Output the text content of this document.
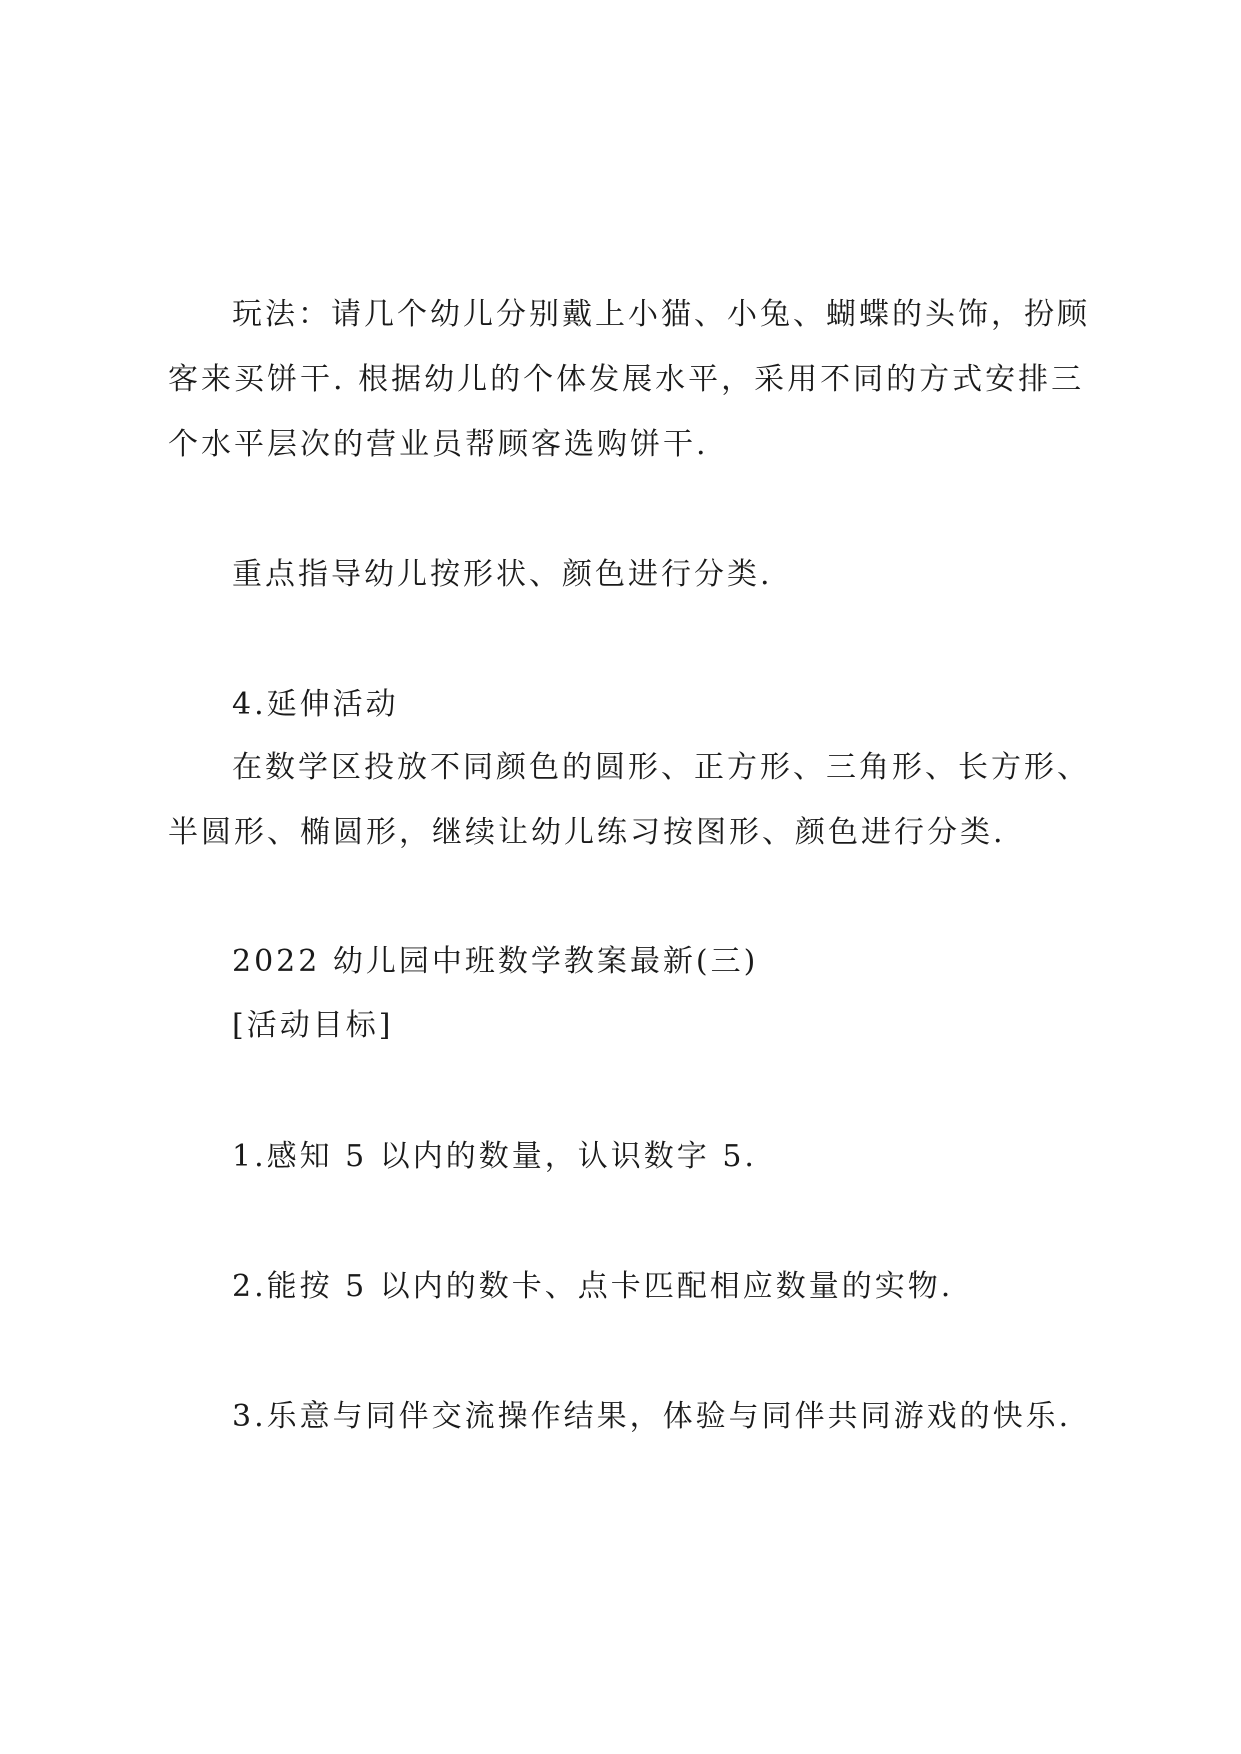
玩法：请几个幼儿分别戴上小猫、小兔、蝴蝶的头饰，扮顾
客来买饼干. 根据幼儿的个体发展水平，采用不同的方式安排三
个水平层次的营业员帮顾客选购饼干.
重点指导幼儿按形状、颜色进行分类.
4.延伸活动
在数学区投放不同颜色的圆形、正方形、三角形、长方形、
半圆形、椭圆形，继续让幼儿练习按图形、颜色进行分类.
2022 幼儿园中班数学教案最新(三)
[活动目标]
1.感知 5 以内的数量，认识数字 5.
2.能按 5 以内的数卡、点卡匹配相应数量的实物.
3.乐意与同伴交流操作结果，体验与同伴共同游戏的快乐.
